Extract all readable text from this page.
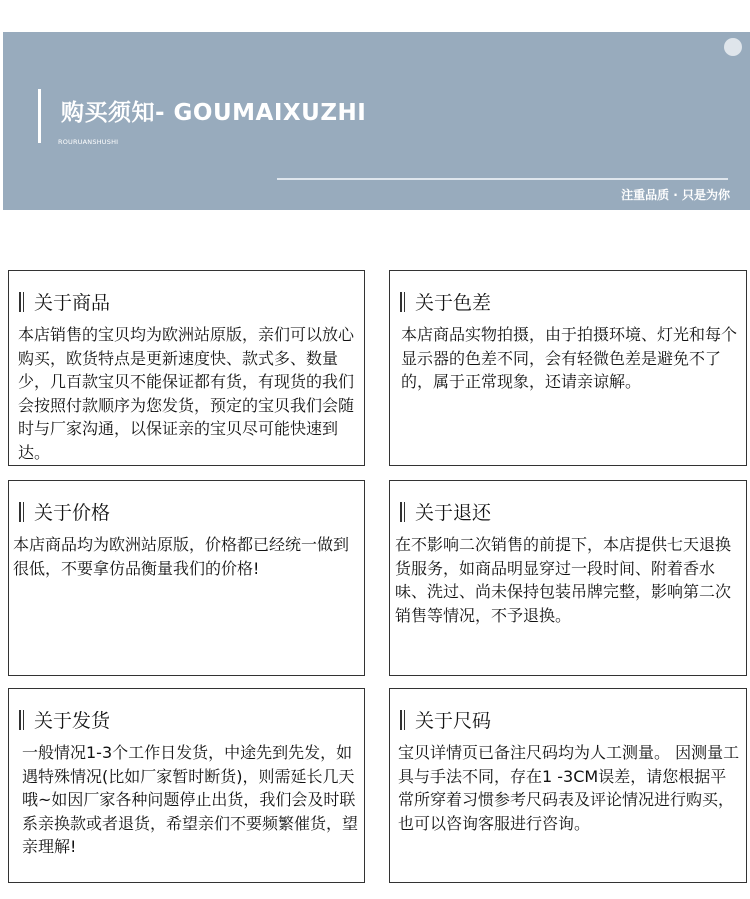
购买须知- GOUMAIXUZHI
ROURUANSHUSHI
注重品质 · 只是为你
关于商品
本店销售的宝贝均为欧洲站原版，亲们可以放心购买，欧货特点是更新速度快、款式多、数量少，几百款宝贝不能保证都有货，有现货的我们会按照付款顺序为您发货，预定的宝贝我们会随时与厂家沟通，以保证亲的宝贝尽可能快速到达。
关于色差
本店商品实物拍摄，由于拍摄环境、灯光和每个显示器的色差不同，会有轻微色差是避免不了的，属于正常现象，还请亲谅解。
关于价格
本店商品均为欧洲站原版，价格都已经统一做到很低，不要拿仿品衡量我们的价格!
关于退还
在不影响二次销售的前提下，本店提供七天退换货服务，如商品明显穿过一段时间、附着香水味、洗过、尚未保持包装吊牌完整，影响第二次销售等情况，不予退换。
关于发货
一般情况1-3个工作日发货，中途先到先发，如遇特殊情况(比如厂家暂时断货)，则需延长几天哦~如因厂家各种问题停止出货，我们会及时联系亲换款或者退货，希望亲们不要频繁催货，望亲理解!
关于尺码
宝贝详情页已备注尺码均为人工测量。 因测量工具与手法不同，存在1 -3CM误差，请您根据平常所穿着习惯参考尺码表及评论情况进行购买，也可以咨询客服进行咨询。
